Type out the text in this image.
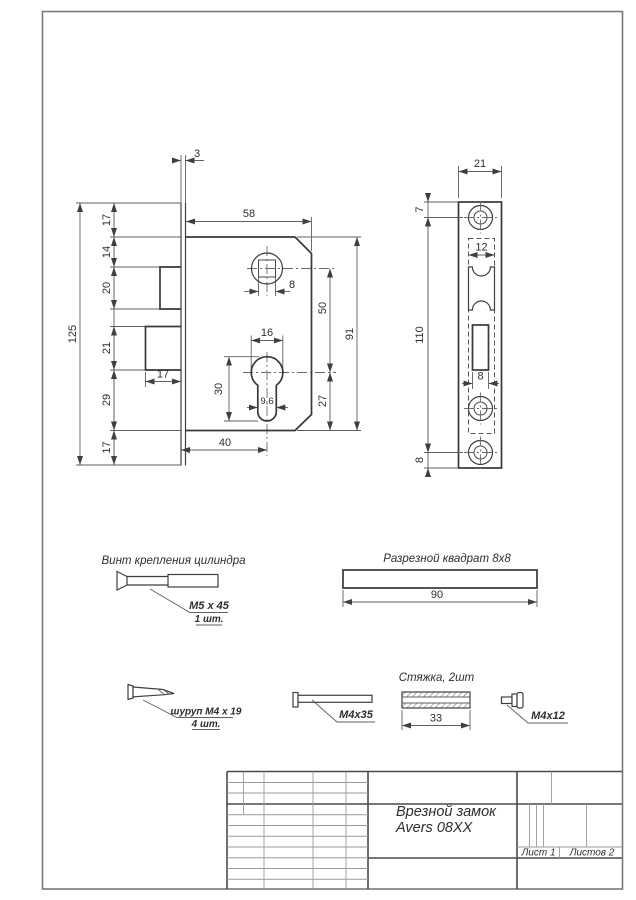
125
17
14
20
21
29
17
3
58
91
50
27
40
17
8
16
30
9,6
21
7
110
8
12
8
Винт крепления цилиндра
M5 x 45
1 шт.
Разрезной квадрат 8x8
90
шуруп M4 x 19
4 шт.
M4x35
Стяжка, 2шт
33	M4x12
Врезной замок
Avers 08XX
Лист 1 Листов 2
